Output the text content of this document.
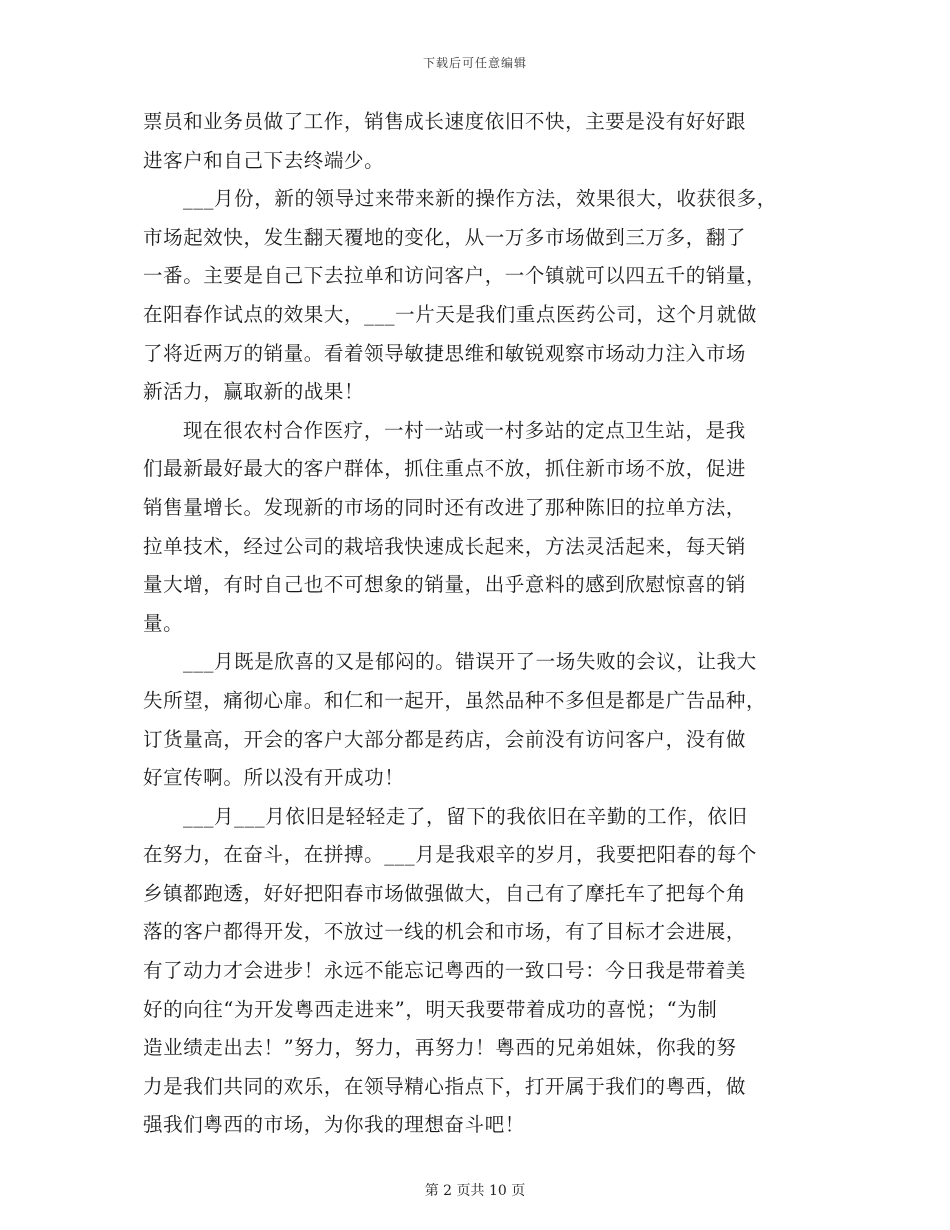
下载后可任意编辑
票员和业务员做了工作，销售成长速度依旧不快，主要是没有好好跟
进客户和自己下去终端少。
___月份，新的领导过来带来新的操作方法，效果很大，收获很多，
市场起效快，发生翻天覆地的变化，从一万多市场做到三万多，翻了
一番。主要是自己下去拉单和访问客户，一个镇就可以四五千的销量，
在阳春作试点的效果大，___一片天是我们重点医药公司，这个月就做
了将近两万的销量。看着领导敏捷思维和敏锐观察市场动力注入市场
新活力，赢取新的战果！
现在很农村合作医疗，一村一站或一村多站的定点卫生站，是我
们最新最好最大的客户群体，抓住重点不放，抓住新市场不放，促进
销售量增长。发现新的市场的同时还有改进了那种陈旧的拉单方法，
拉单技术，经过公司的栽培我快速成长起来，方法灵活起来，每天销
量大增，有时自己也不可想象的销量，出乎意料的感到欣慰惊喜的销
量。
___月既是欣喜的又是郁闷的。错误开了一场失败的会议，让我大
失所望，痛彻心扉。和仁和一起开，虽然品种不多但是都是广告品种，
订货量高，开会的客户大部分都是药店，会前没有访问客户，没有做
好宣传啊。所以没有开成功！
___月___月依旧是轻轻走了，留下的我依旧在辛勤的工作，依旧
在努力，在奋斗，在拼搏。___月是我艰辛的岁月，我要把阳春的每个
乡镇都跑透，好好把阳春市场做强做大，自己有了摩托车了把每个角
落的客户都得开发，不放过一线的机会和市场，有了目标才会进展，
有了动力才会进步！永远不能忘记粤西的一致口号：今日我是带着美
好的向往“为开发粤西走进来”，明天我要带着成功的喜悦；“为制
造业绩走出去！”努力，努力，再努力！粤西的兄弟姐妹，你我的努
力是我们共同的欢乐，在领导精心指点下，打开属于我们的粤西，做
强我们粤西的市场，为你我的理想奋斗吧！
第 2 页共 10 页
